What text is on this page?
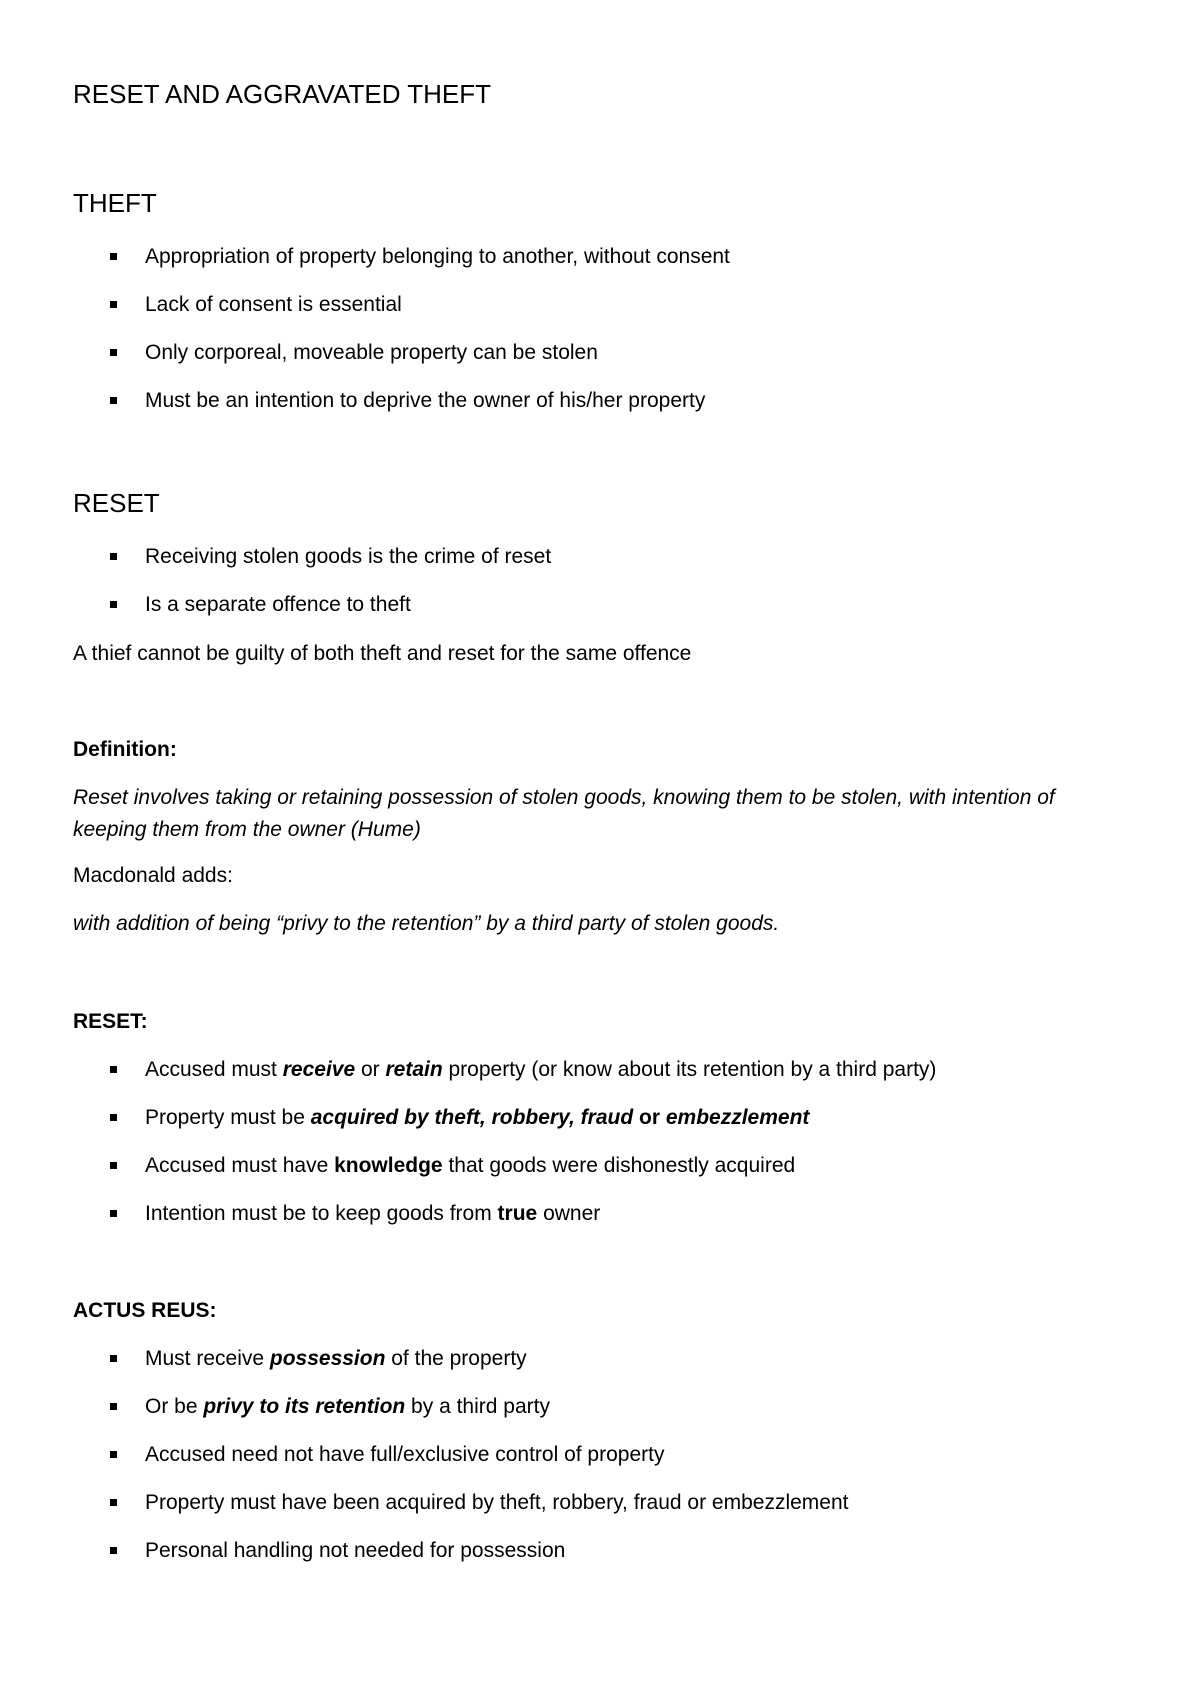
RESET AND AGGRAVATED THEFT

THEFT

Appropriation of property belonging to another, without consent

Lack of consent is essential

Only corporeal, moveable property can be stolen

Must be an intention to deprive the owner of his/her property

RESET

Receiving stolen goods is the crime of reset

Is a separate offence to theft

A thief cannot be guilty of both theft and reset for the same offence

Definition:

Reset involves taking or retaining possession of stolen goods, knowing them to be stolen, with intention of

keeping them from the owner (Hume)

Macdonald adds:

with addition of being “privy to the retention” by a third party of stolen goods.

RESET:

Accused must receive or retain property (or know about its retention by a third party)

Property must be acquired by theft, robbery, fraud or embezzlement

Accused must have knowledge that goods were dishonestly acquired

Intention must be to keep goods from true owner

ACTUS REUS:

Must receive possession of the property

Or be privy to its retention by a third party

Accused need not have full/exclusive control of property

Property must have been acquired by theft, robbery, fraud or embezzlement

Personal handling not needed for possession
